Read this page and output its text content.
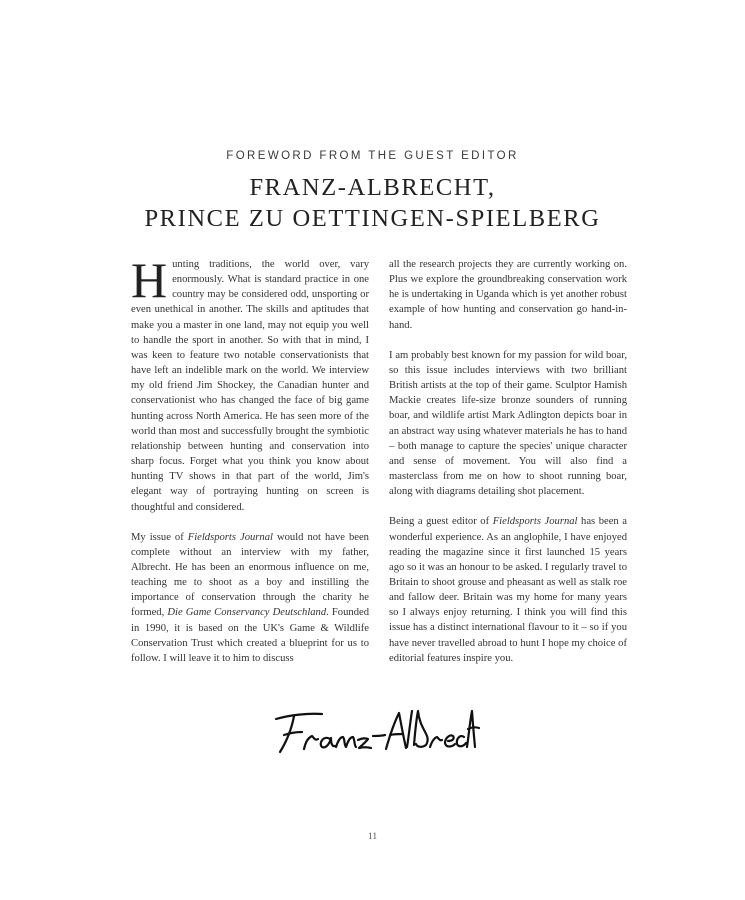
FOREWORD FROM THE GUEST EDITOR
FRANZ-ALBRECHT,
PRINCE ZU OETTINGEN-SPIELBERG

Hunting traditions, the world over, vary enormously. What is standard practice in one country may be considered odd, unsporting or even unethical in another. The skills and aptitudes that make you a master in one land, may not equip you well to handle the sport in another. So with that in mind, I was keen to feature two notable conservationists that have left an indelible mark on the world. We interview my old friend Jim Shockey, the Canadian hunter and conservationist who has changed the face of big game hunting across North America. He has seen more of the world than most and successfully brought the symbiotic relationship between hunting and conservation into sharp focus. Forget what you think you know about hunting TV shows in that part of the world, Jim's elegant way of portraying hunting on screen is thoughtful and considered.

My issue of Fieldsports Journal would not have been complete without an interview with my father, Albrecht. He has been an enormous influence on me, teaching me to shoot as a boy and instilling the importance of conservation through the charity he formed, Die Game Conservancy Deutschland. Founded in 1990, it is based on the UK's Game & Wildlife Conservation Trust which created a blueprint for us to follow. I will leave it to him to discuss

all the research projects they are currently working on. Plus we explore the groundbreaking conservation work he is undertaking in Uganda which is yet another robust example of how hunting and conservation go hand-in-hand.

I am probably best known for my passion for wild boar, so this issue includes interviews with two brilliant British artists at the top of their game. Sculptor Hamish Mackie creates life-size bronze sounders of running boar, and wildlife artist Mark Adlington depicts boar in an abstract way using whatever materials he has to hand – both manage to capture the species' unique character and sense of movement. You will also find a masterclass from me on how to shoot running boar, along with diagrams detailing shot placement.

Being a guest editor of Fieldsports Journal has been a wonderful experience. As an anglophile, I have enjoyed reading the magazine since it first launched 15 years ago so it was an honour to be asked. I regularly travel to Britain to shoot grouse and pheasant as well as stalk roe and fallow deer. Britain was my home for many years so I always enjoy returning. I think you will find this issue has a distinct international flavour to it – so if you have never travelled abroad to hunt I hope my choice of editorial features inspire you.

11
